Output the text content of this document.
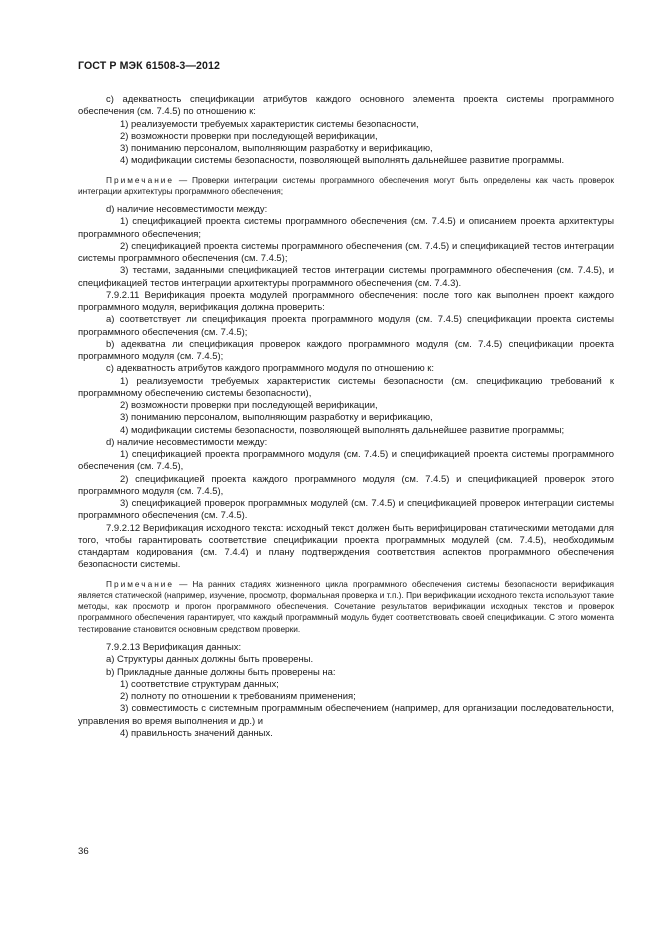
ГОСТ Р МЭК 61508-3—2012

c) адекватность спецификации атрибутов каждого основного элемента проекта системы программного обеспечения (см. 7.4.5) по отношению к:

1) реализуемости требуемых характеристик системы безопасности,

2) возможности проверки при последующей верификации,

3) пониманию персоналом, выполняющим разработку и верификацию,

4) модификации системы безопасности, позволяющей выполнять дальнейшее развитие программы.

Примечание — Проверки интеграции системы программного обеспечения могут быть определены как часть проверок интеграции архитектуры программного обеспечения;

d) наличие несовместимости между:

1) спецификацией проекта системы программного обеспечения (см. 7.4.5) и описанием проекта архитектуры программного обеспечения;

2) спецификацией проекта системы программного обеспечения (см. 7.4.5) и спецификацией тестов интеграции системы программного обеспечения (см. 7.4.5);

3) тестами, заданными спецификацией тестов интеграции системы программного обеспечения (см. 7.4.5), и спецификацией тестов интеграции архитектуры программного обеспечения (см. 7.4.3).

7.9.2.11 Верификация проекта модулей программного обеспечения: после того как выполнен проект каждого программного модуля, верификация должна проверить:

a) соответствует ли спецификация проекта программного модуля (см. 7.4.5) спецификации проекта системы программного обеспечения (см. 7.4.5);

b) адекватна ли спецификация проверок каждого программного модуля (см. 7.4.5) спецификации проекта программного модуля (см. 7.4.5);

c) адекватность атрибутов каждого программного модуля по отношению к:

1) реализуемости требуемых характеристик системы безопасности (см. спецификацию требований к программному обеспечению системы безопасности),

2) возможности проверки при последующей верификации,

3) пониманию персоналом, выполняющим разработку и верификацию,

4) модификации системы безопасности, позволяющей выполнять дальнейшее развитие программы;

d) наличие несовместимости между:

1) спецификацией проекта программного модуля (см. 7.4.5) и спецификацией проекта системы программного обеспечения (см. 7.4.5),

2) спецификацией проекта каждого программного модуля (см. 7.4.5) и спецификацией проверок этого программного модуля (см. 7.4.5),

3) спецификацией проверок программных модулей (см. 7.4.5) и спецификацией проверок интеграции системы программного обеспечения (см. 7.4.5).

7.9.2.12 Верификация исходного текста: исходный текст должен быть верифицирован статическими методами для того, чтобы гарантировать соответствие спецификации проекта программных модулей (см. 7.4.5), необходимым стандартам кодирования (см. 7.4.4) и плану подтверждения соответствия аспектов программного обеспечения безопасности системы.

Примечание — На ранних стадиях жизненного цикла программного обеспечения системы безопасности верификация является статической (например, изучение, просмотр, формальная проверка и т.п.). При верификации исходного текста используют такие методы, как просмотр и прогон программного обеспечения. Сочетание результатов верификации исходных текстов и проверок программного обеспечения гарантирует, что каждый программный модуль будет соответствовать своей спецификации. С этого момента тестирование становится основным средством проверки.

7.9.2.13 Верификация данных:

a) Структуры данных должны быть проверены.

b) Прикладные данные должны быть проверены на:

1) соответствие структурам данных;

2) полноту по отношении к требованиям применения;

3) совместимость с системным программным обеспечением (например, для организации последовательности, управления во время выполнения и др.) и

4) правильность значений данных.

36
